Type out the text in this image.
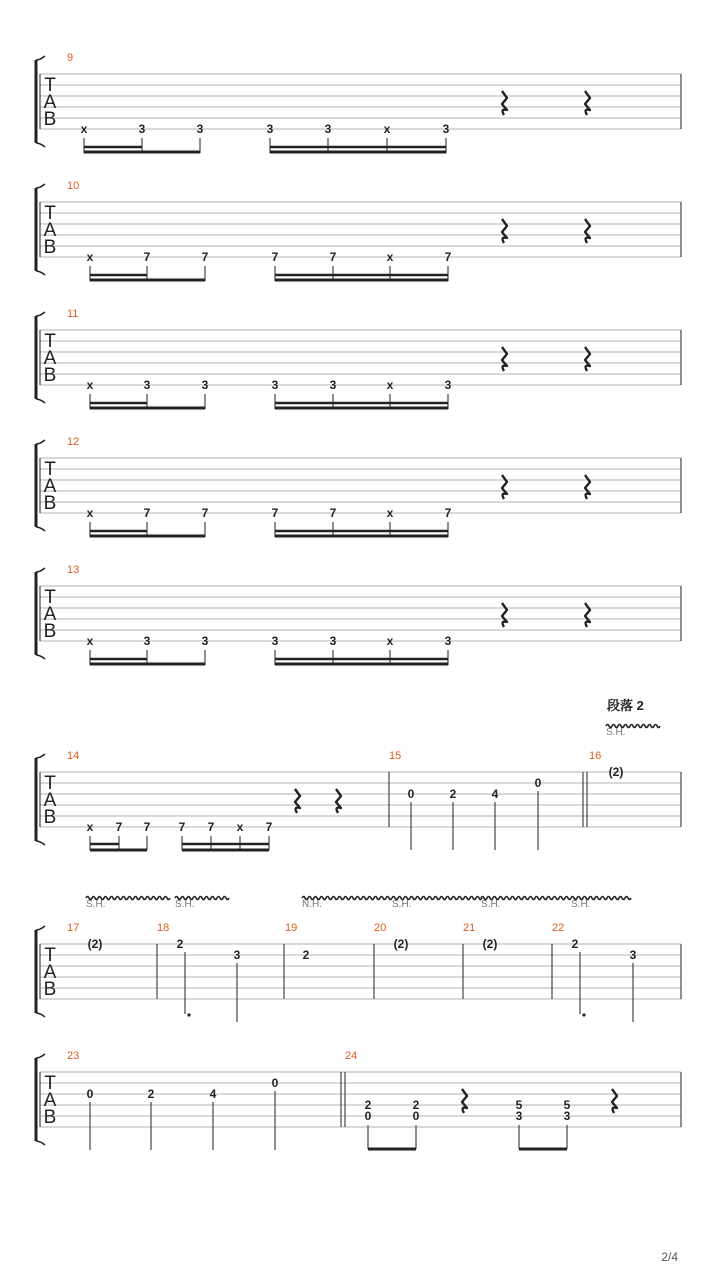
T
A
B
9
x	3	3	3	3	x	3
T
A
B
10
x	7	7	7	7	x	7
T
A
B
11
x	3	3	3	3	x	3
T
A
B
12
x	7	7	7	7	x	7
T
A
B
13
x	3	3	3	3	x	3
T
A
B
14	15	16
x 7 7 7 7 x 7
0	2	4
0
(2)
S.H.
T
A
B
17	18	19	20	21	22
(2)	2
3	2
(2)	(2)	2
3
S.H.	S.H.	N.H.	S.H.	S.H.	S.H.
T
A
B
23	24
0	2	4
0
2
0
2
0
5
3
5
3
段落 2
2/4
